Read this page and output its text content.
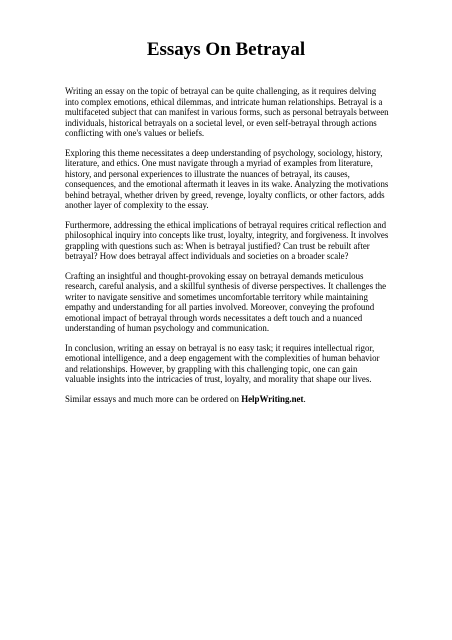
Essays On Betrayal

Writing an essay on the topic of betrayal can be quite challenging, as it requires delving into complex emotions, ethical dilemmas, and intricate human relationships. Betrayal is a multifaceted subject that can manifest in various forms, such as personal betrayals between individuals, historical betrayals on a societal level, or even self-betrayal through actions conflicting with one's values or beliefs.

Exploring this theme necessitates a deep understanding of psychology, sociology, history, literature, and ethics. One must navigate through a myriad of examples from literature, history, and personal experiences to illustrate the nuances of betrayal, its causes, consequences, and the emotional aftermath it leaves in its wake. Analyzing the motivations behind betrayal, whether driven by greed, revenge, loyalty conflicts, or other factors, adds another layer of complexity to the essay.

Furthermore, addressing the ethical implications of betrayal requires critical reflection and philosophical inquiry into concepts like trust, loyalty, integrity, and forgiveness. It involves grappling with questions such as: When is betrayal justified? Can trust be rebuilt after betrayal? How does betrayal affect individuals and societies on a broader scale?

Crafting an insightful and thought-provoking essay on betrayal demands meticulous research, careful analysis, and a skillful synthesis of diverse perspectives. It challenges the writer to navigate sensitive and sometimes uncomfortable territory while maintaining empathy and understanding for all parties involved. Moreover, conveying the profound emotional impact of betrayal through words necessitates a deft touch and a nuanced understanding of human psychology and communication.

In conclusion, writing an essay on betrayal is no easy task; it requires intellectual rigor, emotional intelligence, and a deep engagement with the complexities of human behavior and relationships. However, by grappling with this challenging topic, one can gain valuable insights into the intricacies of trust, loyalty, and morality that shape our lives.

Similar essays and much more can be ordered on HelpWriting.net.
